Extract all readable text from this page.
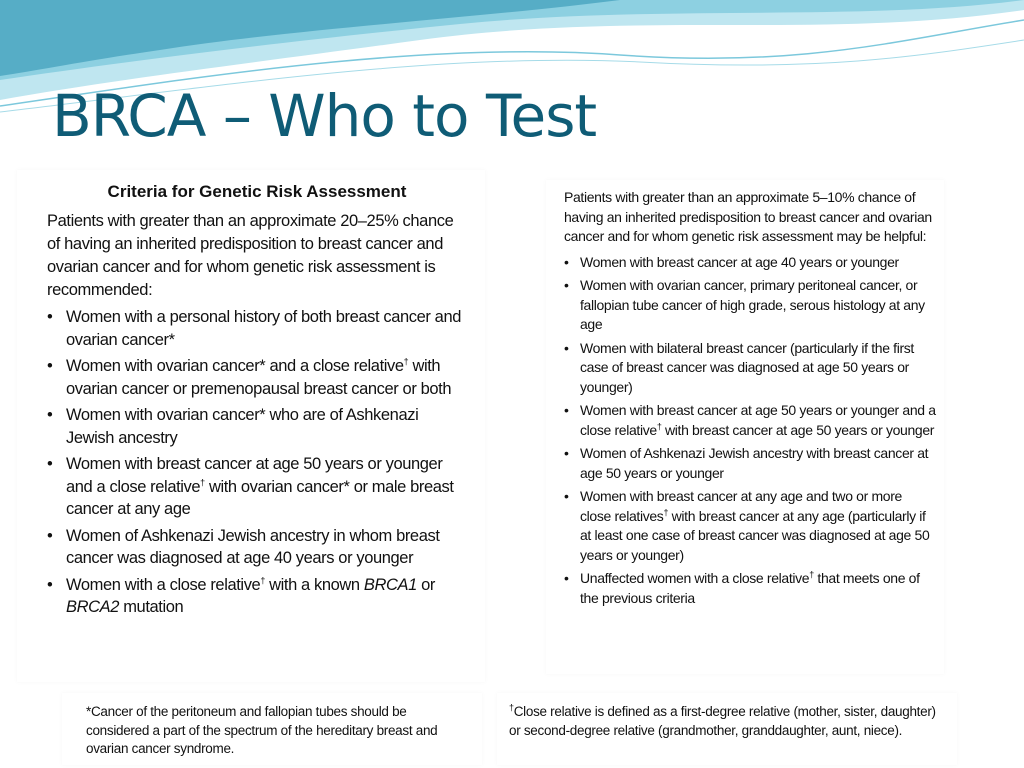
BRCA – Who to Test
Criteria for Genetic Risk Assessment

Patients with greater than an approximate 20–25% chance of having an inherited predisposition to breast cancer and ovarian cancer and for whom genetic risk assessment is recommended:

• Women with a personal history of both breast cancer and ovarian cancer*
• Women with ovarian cancer* and a close relative† with ovarian cancer or premenopausal breast cancer or both
• Women with ovarian cancer* who are of Ashkenazi Jewish ancestry
• Women with breast cancer at age 50 years or younger and a close relative† with ovarian cancer* or male breast cancer at any age
• Women of Ashkenazi Jewish ancestry in whom breast cancer was diagnosed at age 40 years or younger
• Women with a close relative† with a known BRCA1 or BRCA2 mutation

Patients with greater than an approximate 5–10% chance of having an inherited predisposition to breast cancer and ovarian cancer and for whom genetic risk assessment may be helpful:

• Women with breast cancer at age 40 years or younger
• Women with ovarian cancer, primary peritoneal cancer, or fallopian tube cancer of high grade, serous histology at any age
• Women with bilateral breast cancer (particularly if the first case of breast cancer was diagnosed at age 50 years or younger)
• Women with breast cancer at age 50 years or younger and a close relative† with breast cancer at age 50 years or younger
• Women of Ashkenazi Jewish ancestry with breast cancer at age 50 years or younger
• Women with breast cancer at any age and two or more close relatives† with breast cancer at any age (particularly if at least one case of breast cancer was diagnosed at age 50 years or younger)
• Unaffected women with a close relative† that meets one of the previous criteria
*Cancer of the peritoneum and fallopian tubes should be considered a part of the spectrum of the hereditary breast and ovarian cancer syndrome.
†Close relative is defined as a first-degree relative (mother, sister, daughter) or second-degree relative (grandmother, granddaughter, aunt, niece).
